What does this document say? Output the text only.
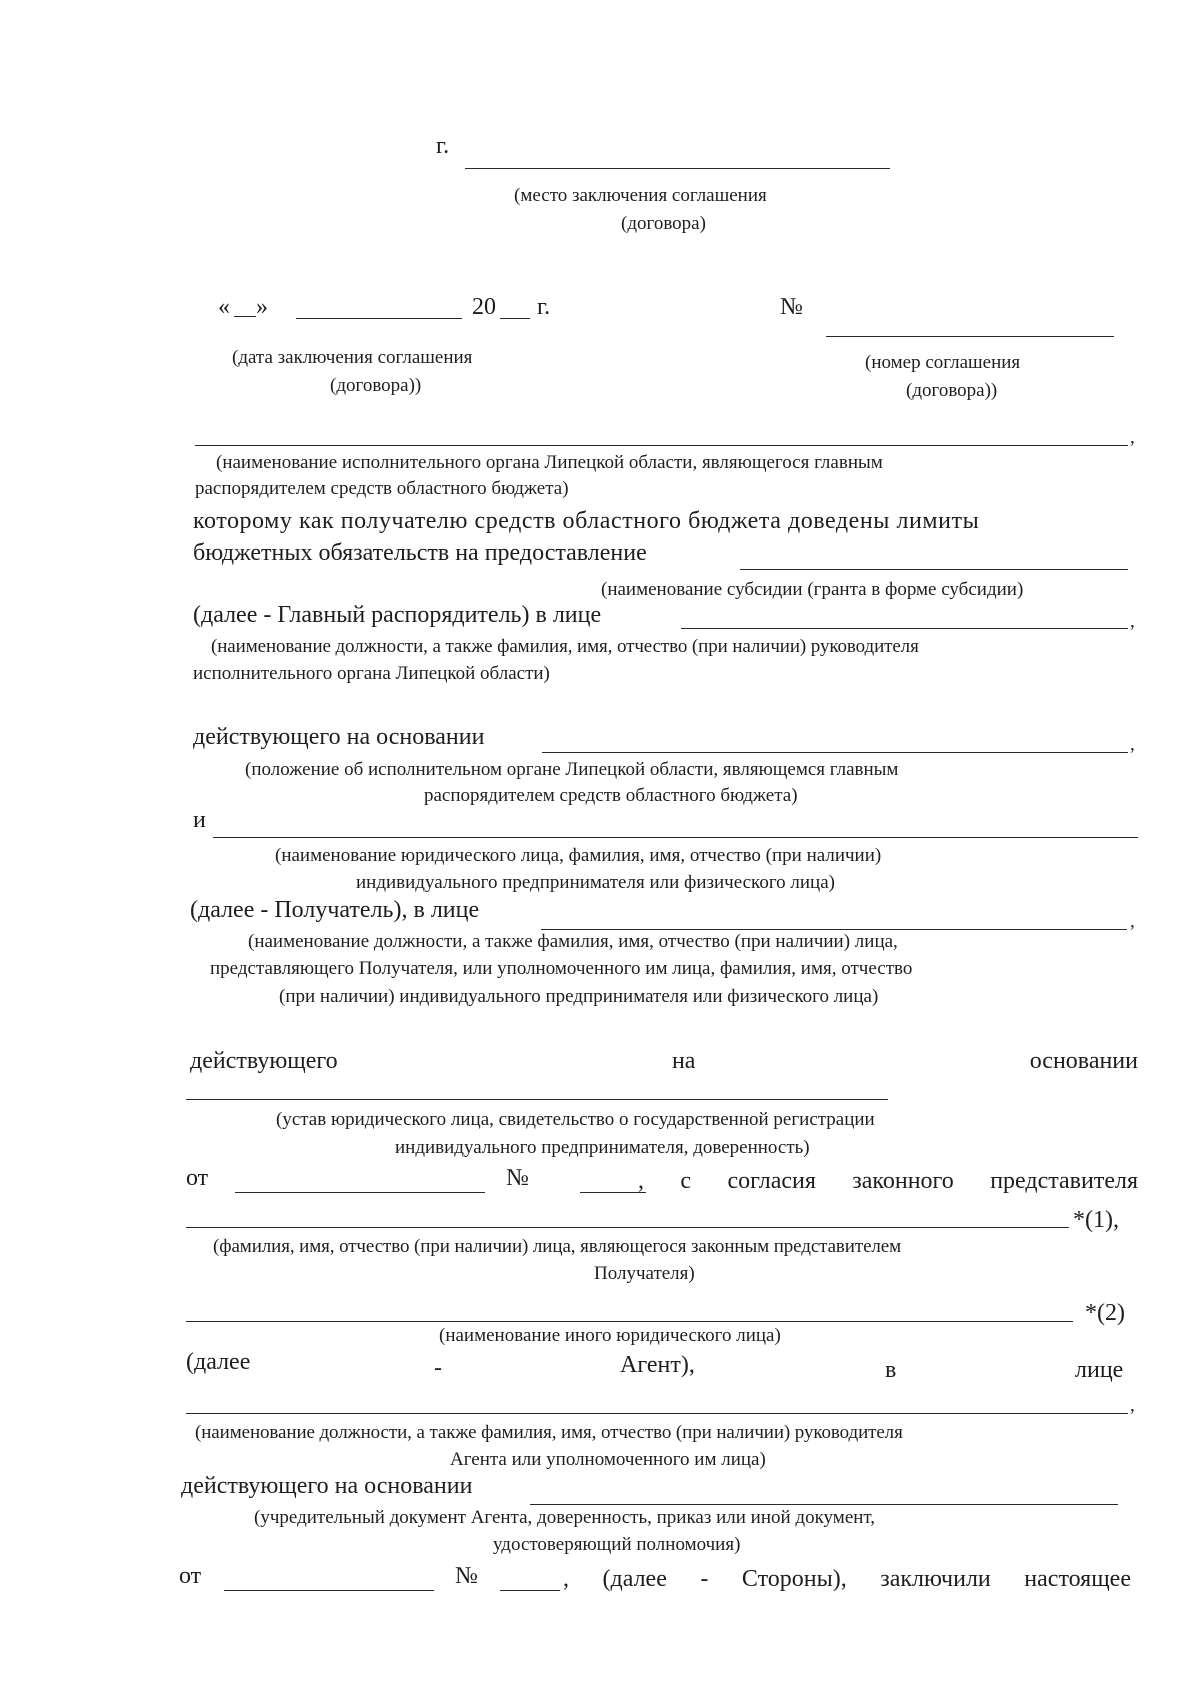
г.
(место заключения соглашения
(договора)
« »	20 г.	№
(дата заключения соглашения
(договора))
(номер соглашения
(договора))
,
(наименование исполнительного органа Липецкой области, являющегося главным
распорядителем средств областного бюджета)
которому как получателю средств областного бюджета доведены лимиты
бюджетных обязательств на предоставление
(наименование субсидии (гранта в форме субсидии)
(далее - Главный распорядитель) в лице	,
(наименование должности, а также фамилия, имя, отчество (при наличии) руководителя
исполнительного органа Липецкой области)
действующего на основании	,
(положение об исполнительном органе Липецкой области, являющемся главным
распорядителем средств областного бюджета)
и
(наименование юридического лица, фамилия, имя, отчество (при наличии)
индивидуального предпринимателя или физического лица)
(далее - Получатель), в лице	,
(наименование должности, а также фамилия, имя, отчество (при наличии) лица,
представляющего Получателя, или уполномоченного им лица, фамилия, имя, отчество
(при наличии) индивидуального предпринимателя или физического лица)
действующего	на	основании
(устав юридического лица, свидетельство о государственной регистрации
индивидуального предпринимателя, доверенность)
от	№	, с согласия законного представителя
*(1),
(фамилия, имя, отчество (при наличии) лица, являющегося законным представителем
Получателя)
*(2)
(наименование иного юридического лица)
(далее	-	Агент),	в	лице
,
(наименование должности, а также фамилия, имя, отчество (при наличии) руководителя
Агента или уполномоченного им лица)
действующего на основании
(учредительный документ Агента, доверенность, приказ или иной документ,
удостоверяющий полномочия)
от	№	, (далее - Стороны), заключили настоящее
